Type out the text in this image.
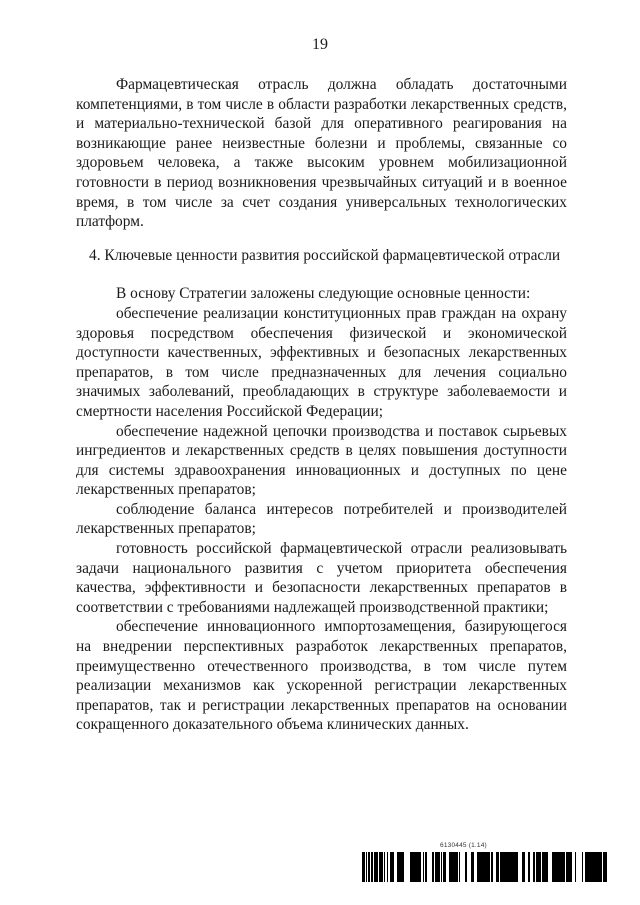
19

Фармацевтическая отрасль должна обладать достаточными компетенциями, в том числе в области разработки лекарственных средств, и материально-технической базой для оперативного реагирования на возникающие ранее неизвестные болезни и проблемы, связанные со здоровьем человека, а также высоким уровнем мобилизационной готовности в период возникновения чрезвычайных ситуаций и в военное время, в том числе за счет создания универсальных технологических платформ.

4. Ключевые ценности развития российской фармацевтической отрасли

В основу Стратегии заложены следующие основные ценности:

обеспечение реализации конституционных прав граждан на охрану здоровья посредством обеспечения физической и экономической доступности качественных, эффективных и безопасных лекарственных препаратов, в том числе предназначенных для лечения социально значимых заболеваний, преобладающих в структуре заболеваемости и смертности населения Российской Федерации;

обеспечение надежной цепочки производства и поставок сырьевых ингредиентов и лекарственных средств в целях повышения доступности для системы здравоохранения инновационных и доступных по цене лекарственных препаратов;

соблюдение баланса интересов потребителей и производителей лекарственных препаратов;

готовность российской фармацевтической отрасли реализовывать задачи национального развития с учетом приоритета обеспечения качества, эффективности и безопасности лекарственных препаратов в соответствии с требованиями надлежащей производственной практики;

обеспечение инновационного импортозамещения, базирующегося на внедрении перспективных разработок лекарственных препаратов, преимущественно отечественного производства, в том числе путем реализации механизмов как ускоренной регистрации лекарственных препаратов, так и регистрации лекарственных препаратов на основании сокращенного доказательного объема клинических данных.

6130445 (1.14)
